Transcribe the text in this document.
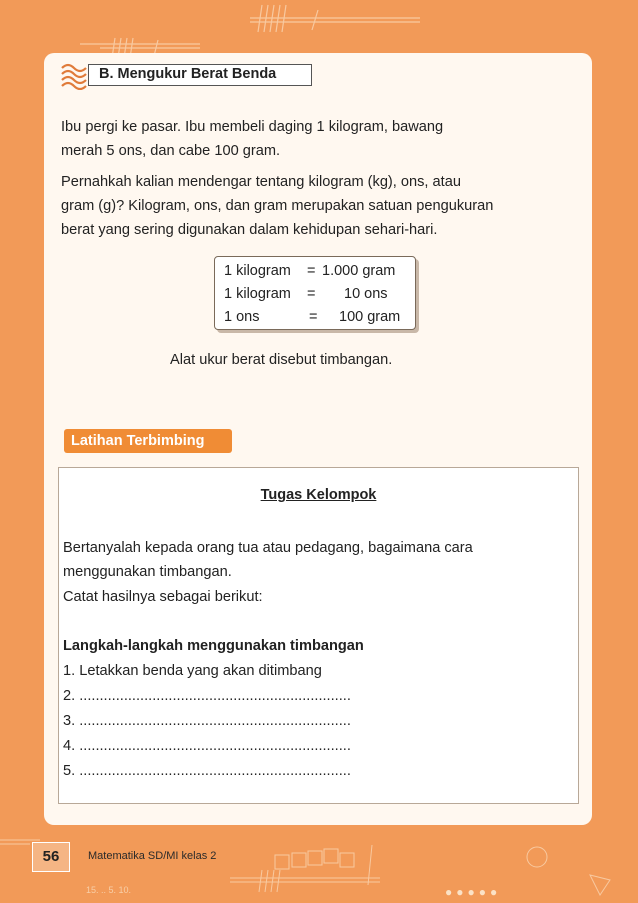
B. Mengukur Berat Benda
Ibu pergi ke pasar. Ibu membeli daging 1 kilogram, bawang
merah 5 ons, dan cabe 100 gram.
Pernahkah kalian mendengar tentang kilogram (kg), ons, atau
gram (g)? Kilogram, ons, dan gram merupakan satuan pengukuran
berat yang sering digunakan dalam kehidupan sehari-hari.
1 kilogram = 1.000 gram
1 kilogram = 10 ons
1 ons	= 100 gram
Alat ukur berat disebut timbangan.
Latihan Terbimbing
Tugas Kelompok
Bertanyalah kepada orang tua atau pedagang, bagaimana cara
menggunakan timbangan.
Catat hasilnya sebagai berikut:
Langkah-langkah menggunakan timbangan
1. Letakkan benda yang akan ditimbang
2. ...................................................................
3. ...................................................................
4. ...................................................................
5. ...................................................................
56	Matematika SD/MI kelas 2
15. .. 5. 10.	●●●●●
